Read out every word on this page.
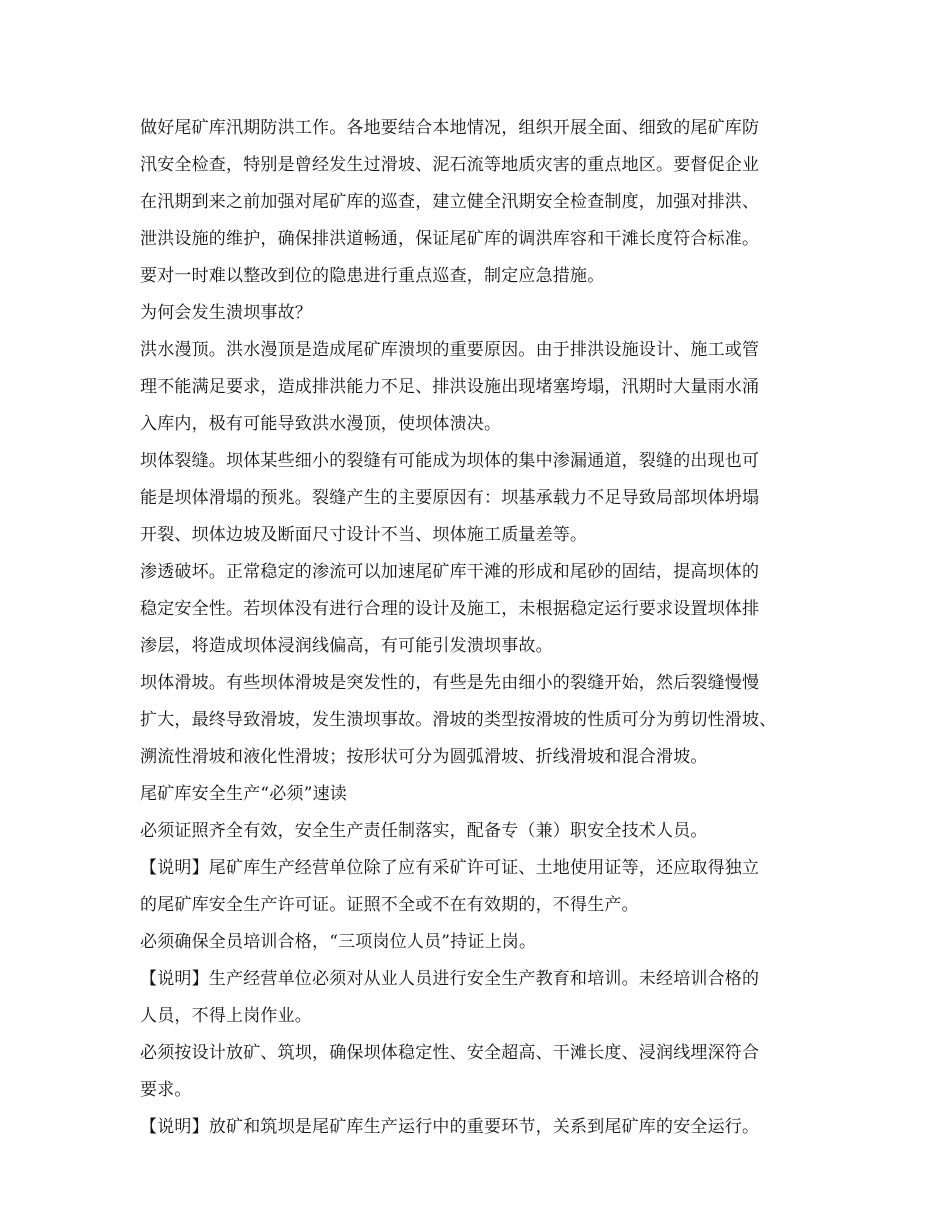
做好尾矿库汛期防洪工作。各地要结合本地情况，组织开展全面、细致的尾矿库防
汛安全检查，特别是曾经发生过滑坡、泥石流等地质灾害的重点地区。要督促企业
在汛期到来之前加强对尾矿库的巡查，建立健全汛期安全检查制度，加强对排洪、
泄洪设施的维护，确保排洪道畅通，保证尾矿库的调洪库容和干滩长度符合标准。
要对一时难以整改到位的隐患进行重点巡查，制定应急措施。
为何会发生溃坝事故？
洪水漫顶。洪水漫顶是造成尾矿库溃坝的重要原因。由于排洪设施设计、施工或管
理不能满足要求，造成排洪能力不足、排洪设施出现堵塞垮塌，汛期时大量雨水涌
入库内，极有可能导致洪水漫顶，使坝体溃决。
坝体裂缝。坝体某些细小的裂缝有可能成为坝体的集中渗漏通道，裂缝的出现也可
能是坝体滑塌的预兆。裂缝产生的主要原因有：坝基承载力不足导致局部坝体坍塌
开裂、坝体边坡及断面尺寸设计不当、坝体施工质量差等。
渗透破坏。正常稳定的渗流可以加速尾矿库干滩的形成和尾砂的固结，提高坝体的
稳定安全性。若坝体没有进行合理的设计及施工，未根据稳定运行要求设置坝体排
渗层，将造成坝体浸润线偏高，有可能引发溃坝事故。
坝体滑坡。有些坝体滑坡是突发性的，有些是先由细小的裂缝开始，然后裂缝慢慢
扩大，最终导致滑坡，发生溃坝事故。滑坡的类型按滑坡的性质可分为剪切性滑坡、
溯流性滑坡和液化性滑坡；按形状可分为圆弧滑坡、折线滑坡和混合滑坡。
尾矿库安全生产“必须”速读
必须证照齐全有效，安全生产责任制落实，配备专（兼）职安全技术人员。
【说明】尾矿库生产经营单位除了应有采矿许可证、土地使用证等，还应取得独立
的尾矿库安全生产许可证。证照不全或不在有效期的，不得生产。
必须确保全员培训合格，“三项岗位人员”持证上岗。
【说明】生产经营单位必须对从业人员进行安全生产教育和培训。未经培训合格的
人员，不得上岗作业。
必须按设计放矿、筑坝，确保坝体稳定性、安全超高、干滩长度、浸润线埋深符合
要求。
【说明】放矿和筑坝是尾矿库生产运行中的重要环节，关系到尾矿库的安全运行。
